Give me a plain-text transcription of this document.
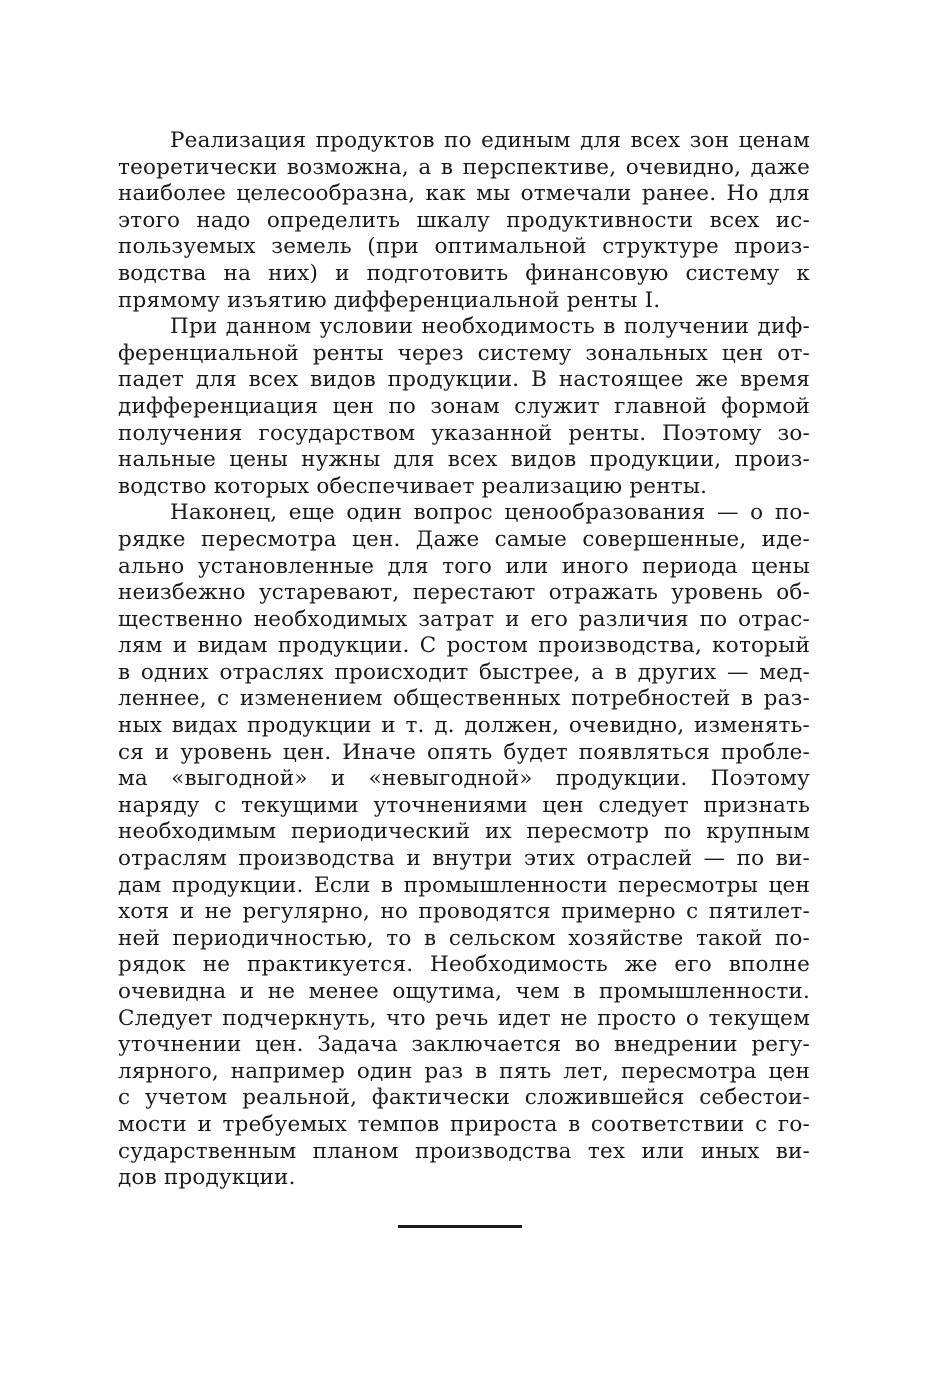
Реализация продуктов по единым для всех зон ценам
теоретически возможна, а в перспективе, очевидно, даже
наиболее целесообразна, как мы отмечали ранее. Но для
этого надо определить шкалу продуктивности всех ис-
пользуемых земель (при оптимальной структуре произ-
водства на них) и подготовить финансовую систему к
прямому изъятию дифференциальной ренты I.
При данном условии необходимость в получении диф-
ференциальной ренты через систему зональных цен от-
падет для всех видов продукции. В настоящее же время
дифференциация цен по зонам служит главной формой
получения государством указанной ренты. Поэтому зо-
нальные цены нужны для всех видов продукции, произ-
водство которых обеспечивает реализацию ренты.
Наконец, еще один вопрос ценообразования — о по-
рядке пересмотра цен. Даже самые совершенные, иде-
ально установленные для того или иного периода цены
неизбежно устаревают, перестают отражать уровень об-
щественно необходимых затрат и его различия по отрас-
лям и видам продукции. С ростом производства, который
в одних отраслях происходит быстрее, а в других — мед-
леннее, с изменением общественных потребностей в раз-
ных видах продукции и т. д. должен, очевидно, изменять-
ся и уровень цен. Иначе опять будет появляться пробле-
ма «выгодной» и «невыгодной» продукции. Поэтому
наряду с текущими уточнениями цен следует признать
необходимым периодический их пересмотр по крупным
отраслям производства и внутри этих отраслей — по ви-
дам продукции. Если в промышленности пересмотры цен
хотя и не регулярно, но проводятся примерно с пятилет-
ней периодичностью, то в сельском хозяйстве такой по-
рядок не практикуется. Необходимость же его вполне
очевидна и не менее ощутима, чем в промышленности.
Следует подчеркнуть, что речь идет не просто о текущем
уточнении цен. Задача заключается во внедрении регу-
лярного, например один раз в пять лет, пересмотра цен
с учетом реальной, фактически сложившейся себестои-
мости и требуемых темпов прироста в соответствии с го-
сударственным планом производства тех или иных ви-
дов продукции.
